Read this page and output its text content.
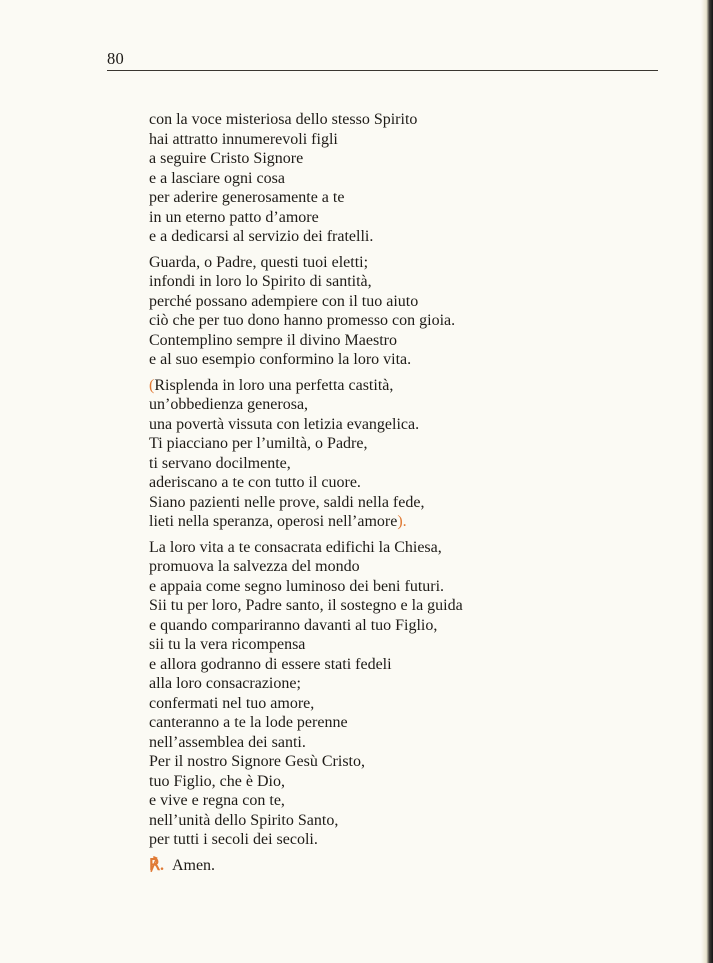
80
con la voce misteriosa dello stesso Spirito
hai attratto innumerevoli figli
a seguire Cristo Signore
e a lasciare ogni cosa
per aderire generosamente a te
in un eterno patto d’amore
e a dedicarsi al servizio dei fratelli.
Guarda, o Padre, questi tuoi eletti;
infondi in loro lo Spirito di santità,
perché possano adempiere con il tuo aiuto
ciò che per tuo dono hanno promesso con gioia.
Contemplino sempre il divino Maestro
e al suo esempio conformino la loro vita.
(Risplenda in loro una perfetta castità,
un’obbedienza generosa,
una povertà vissuta con letizia evangelica.
Ti piacciano per l’umiltà, o Padre,
ti servano docilmente,
aderiscano a te con tutto il cuore.
Siano pazienti nelle prove, saldi nella fede,
lieti nella speranza, operosi nell’amore).
La loro vita a te consacrata edifichi la Chiesa,
promuova la salvezza del mondo
e appaia come segno luminoso dei beni futuri.
Sii tu per loro, Padre santo, il sostegno e la guida
e quando compariranno davanti al tuo Figlio,
sii tu la vera ricompensa
e allora godranno di essere stati fedeli
alla loro consacrazione;
confermati nel tuo amore,
canteranno a te la lode perenne
nell’assemblea dei santi.
Per il nostro Signore Gesù Cristo,
tuo Figlio, che è Dio,
e vive e regna con te,
nell’unità dello Spirito Santo,
per tutti i secoli dei secoli.
℟. Amen.
